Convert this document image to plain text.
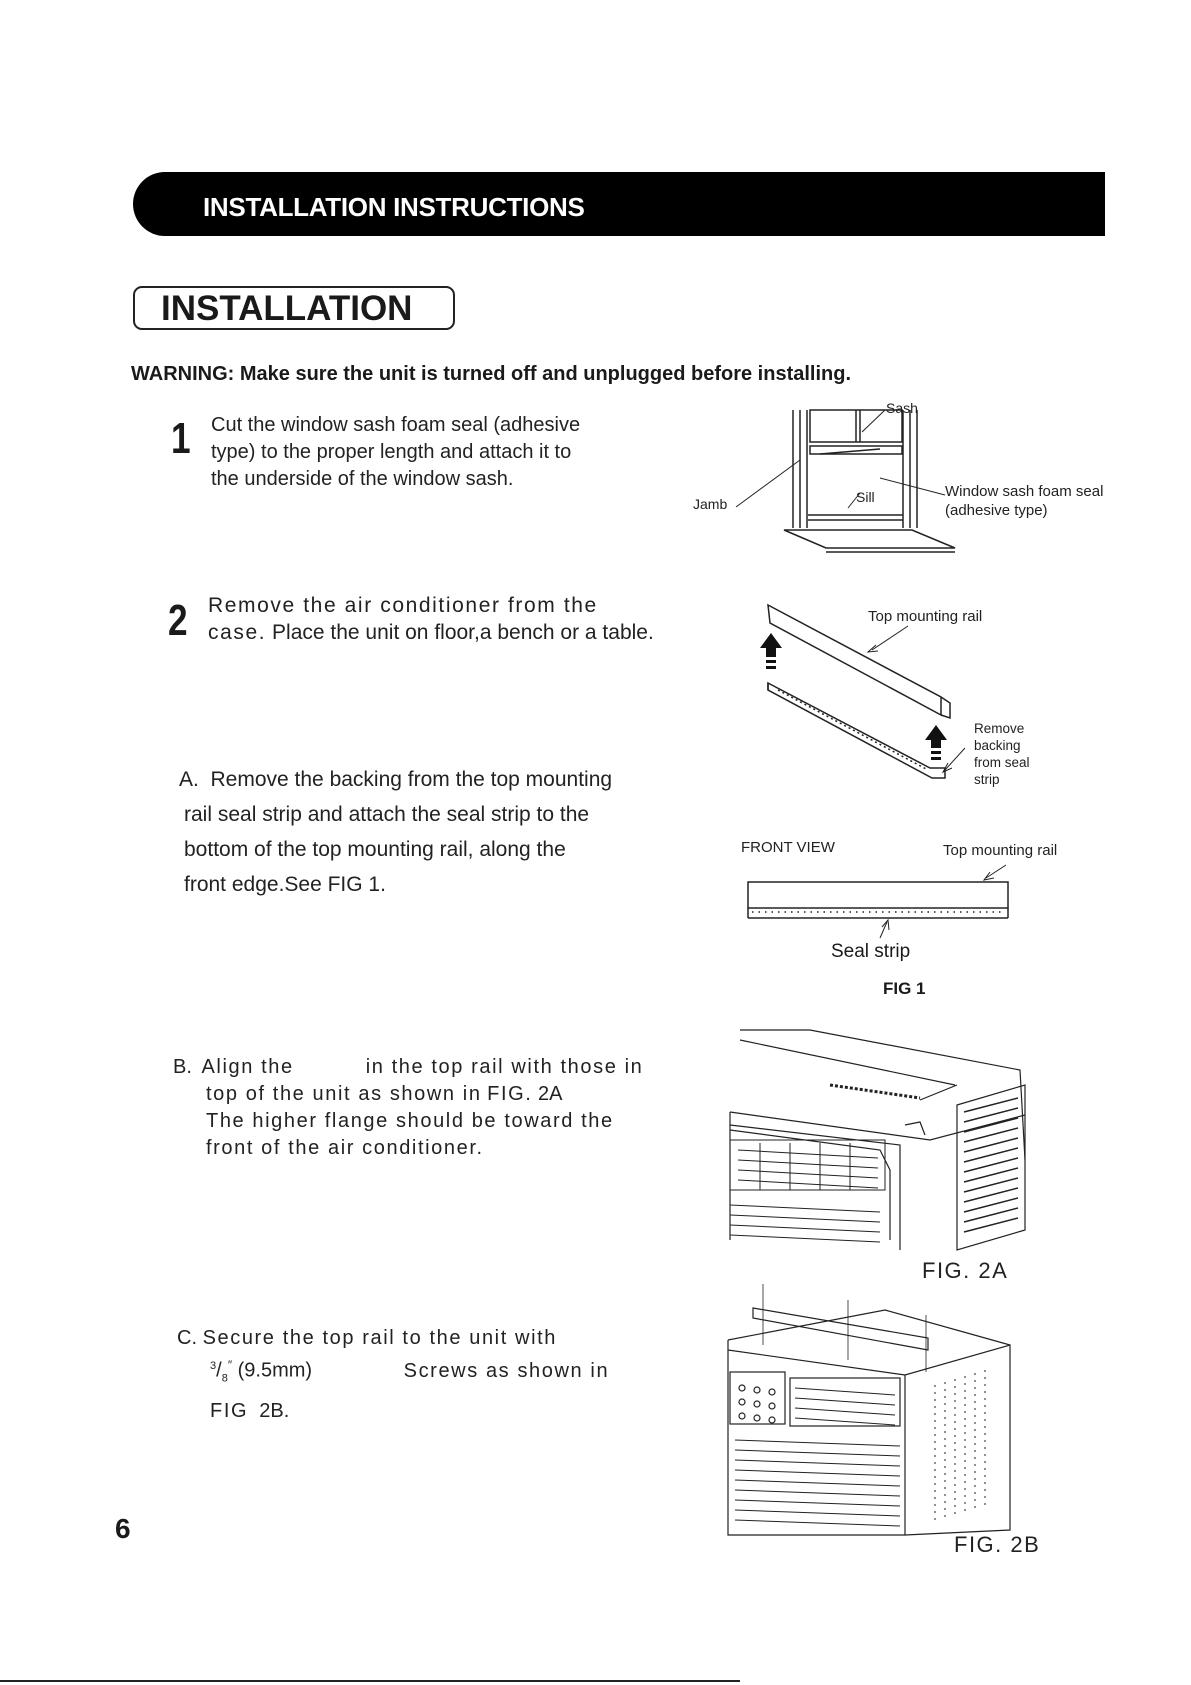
INSTALLATION INSTRUCTIONS
INSTALLATION
WARNING: Make sure the unit is turned off and unplugged before installing.
1 Cut the window sash foam seal (adhesive
type) to the proper length and attach it to
the underside of the window sash.
Sash
Jamb	Sill	Window sash foam seal
(adhesive type)
2 Remove the air conditioner from the
case. Place the unit on floor,a bench or a table.
Top mounting rail
Remove
backing
from seal
strip
A. Remove the backing from the top mounting
rail seal strip and attach the seal strip to the
bottom of the top mounting rail, along the
front edge.See FIG 1.
FRONT VIEW	Top mounting rail
Seal strip
FIG 1
B. Align the	in the top rail with those in
top of the unit as shown in FIG. 2A
The higher flange should be toward the
front of the air conditioner.
FIG. 2A
C. Secure the top rail to the unit with
$^3/_8''$ (9.5mm)	Screws as shown in
FIG 2B.
FIG. 2B
6
